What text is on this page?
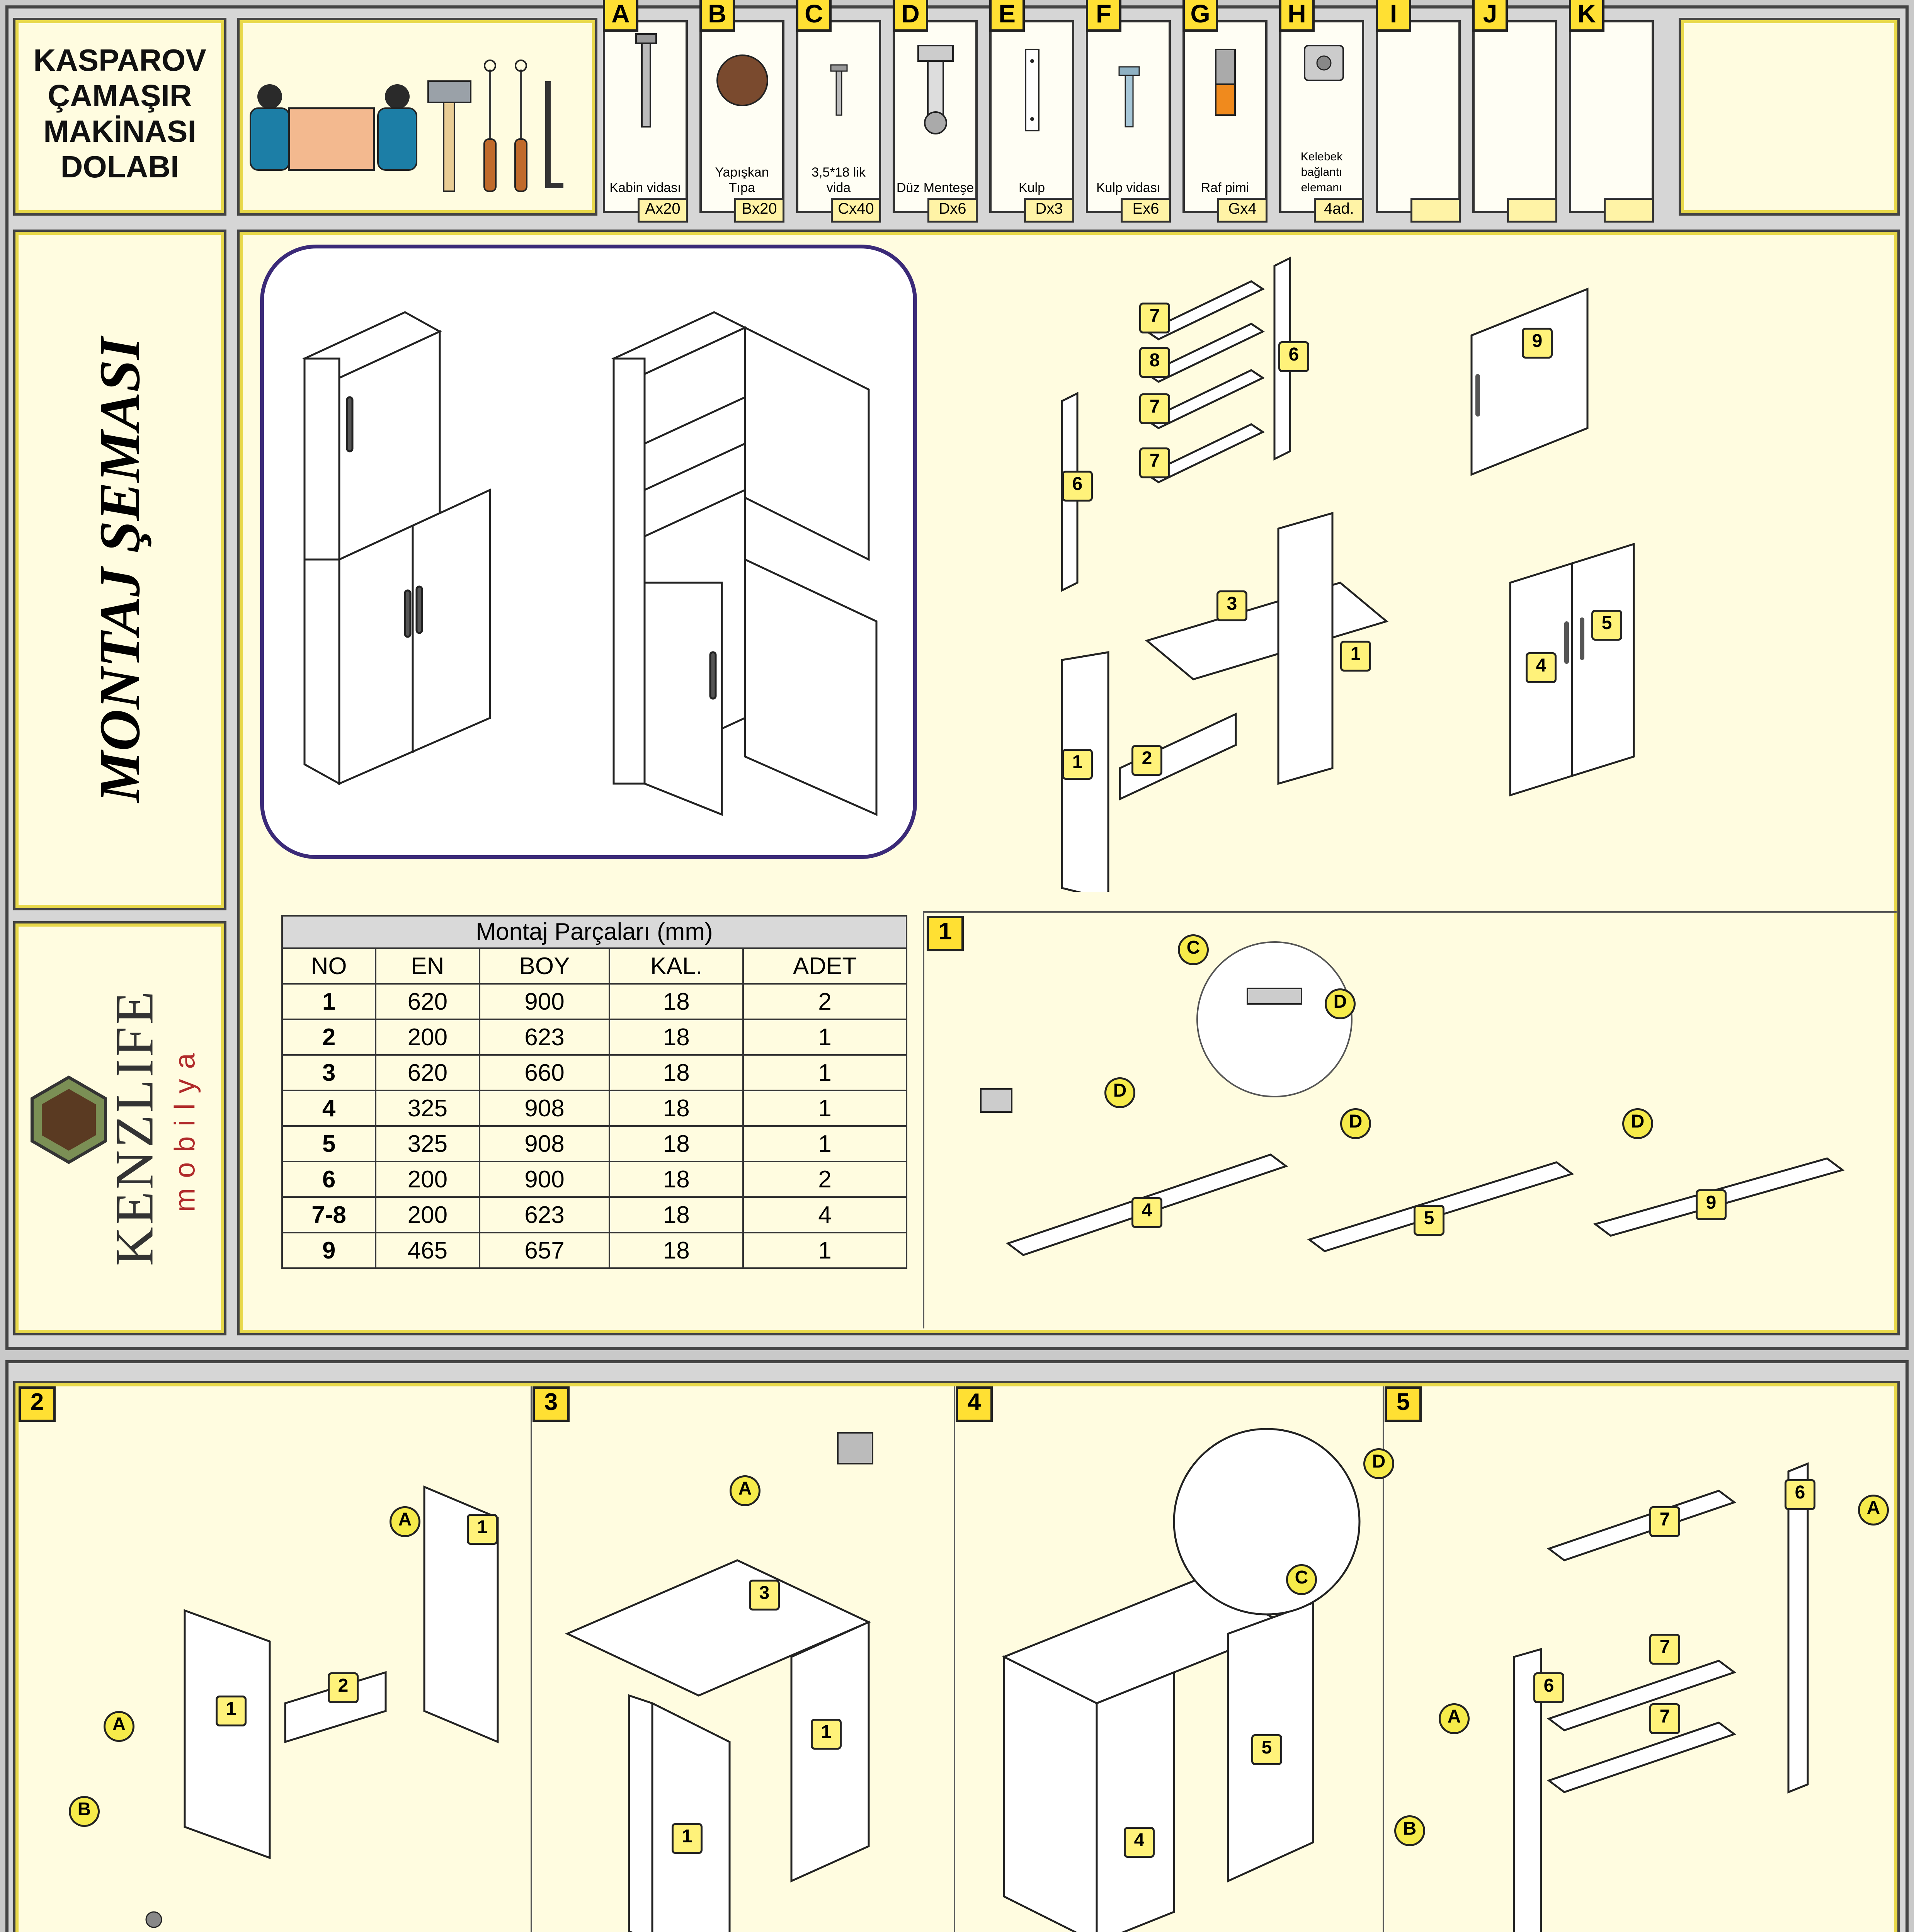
KASPAROV
ÇAMAŞIR
MAKİNASI
DOLABI
A
Kabin vidası
Ax20
B
Yapışkan Tıpa
Bx20
C
3,5*18 lik vida
Cx40
D
Düz Menteşe
Dx6
E
Kulp
Dx3
F
Kulp vidası
Ex6
G
Raf pimi
Gx4
H
Kelebek bağlantı elemanı
4ad.
I	J	K
MONTAJ ŞEMASI
KENZLIFE mobilya
7
8
7
7
6
6
9
3
1
2
1
4
5
Montaj Parçaları (mm)
NO	EN	BOY	KAL.	ADET
1	620	900	18	2
2	200	623	18	1
3	620	660	18	1
4	325	908	18	1
5	325	908	18	1
6	200	900	18	2
7-8	200	623	18	4
9	465	657	18	1
1
C
D
D
D	D
4	5
9
2	3	4	5
A	1
2
1
A
B
A
3
1
1
D
C
4
5
6
A
7
7
7
6
A
B
